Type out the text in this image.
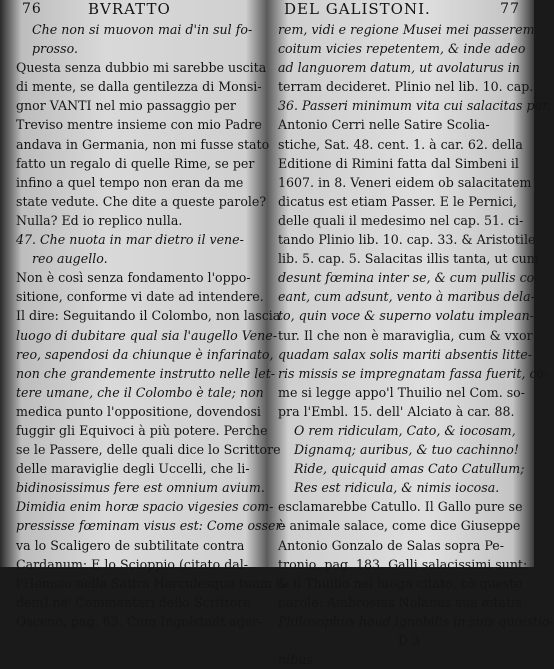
76	BVRATTO
Che non si muovon mai d'in sul fo-
prosso.
Questa senza dubbio mi sarebbe uscita
di mente, se dalla gentilezza di Monsi-
gnor VANTI nel mio passaggio per
Treviso mentre insieme con mio Padre
andava in Germania, non mi fusse stato
fatto un regalo di quelle Rime, se per
infino a quel tempo non eran da me
state vedute. Che dite a queste parole?
Nulla? Ed io replico nulla.
47. Che nuota in mar dietro il vene-
reo augello.
Non è così senza fondamento l'oppo-
sitione, conforme vi date ad intendere.
Il dire: Seguitando il Colombo, non lascia
luogo di dubitare qual sia l'augello Vene-
reo, sapendosi da chiunque è infarinato,
non che grandemente instrutto nelle let-
tere umane, che il Colombo è tale; non
medica punto l'oppositione, dovendosi
fuggir gli Equivoci à più potere. Perche
se le Passere, delle quali dice lo Scrittore
delle maraviglie degli Uccelli, che li-
bidinosissimus fere est omnium avium.
Dimidia enim horæ spacio vigesies com-
pressisse fœminam visus est: Come osser-
va lo Scaligero de subtilitate contra
Cardanum: E lo Scioppio (citato dal-
l'Hemsio nella Satira Herculesque tuam fi-
dem) ne' Commentari dello Scrittore
Osceno, pag. 63. Cum Ingolstadt ager-
DEL GALISTONI.	77
rem, vidi e regione Musei mei passerem
coitum vicies repetentem, & inde adeo
ad languorem datum, ut avolaturus in
terram decideret. Plinio nel lib. 10. cap.
36. Passeri minimum vita cui salacitas par.
Antonio Cerri nelle Satire Scolia-
stiche, Sat. 48. cent. 1. à car. 62. della
Editione di Rimini fatta dal Simbeni il
1607. in 8. Veneri eidem ob salacitatem
dicatus est etiam Passer. E le Pernici,
delle quali il medesimo nel cap. 51. ci-
tando Plinio lib. 10. cap. 33. & Aristotile
lib. 5. cap. 5. Salacitas illis tanta, ut cum
desunt fœmina inter se, & cum pullis co-
eant, cum adsunt, vento à maribus dela-
to, quin voce & superno volatu implean-
tur. Il che non è maraviglia, cum & vxor
quadam salax solis mariti absentis litte-
ris missis se impregnatam fassa fuerit, co-
me si legge appo'l Thuilio nel Com. so-
pra l'Embl. 15. dell' Alciato à car. 88.
O rem ridiculam, Cato, & iocosam,
Dignamq; auribus, & tuo cachinno!
Ride, quicquid amas Cato Catullum;
Res est ridicula, & nimis iocosa.
esclamarebbe Catullo. Il Gallo pure se
è animale salace, come dice Giuseppe
Antonio Gonzalo de Salas sopra Pe-
tronio, pag. 183. Galli salacissimi sunt:
& il Thuilio nel luogo citato, cò queste
parole: Ambrosius Nolanus sua ætatis
Philosophus haud ignobilis in suis quæstio-
D 3
nibus
